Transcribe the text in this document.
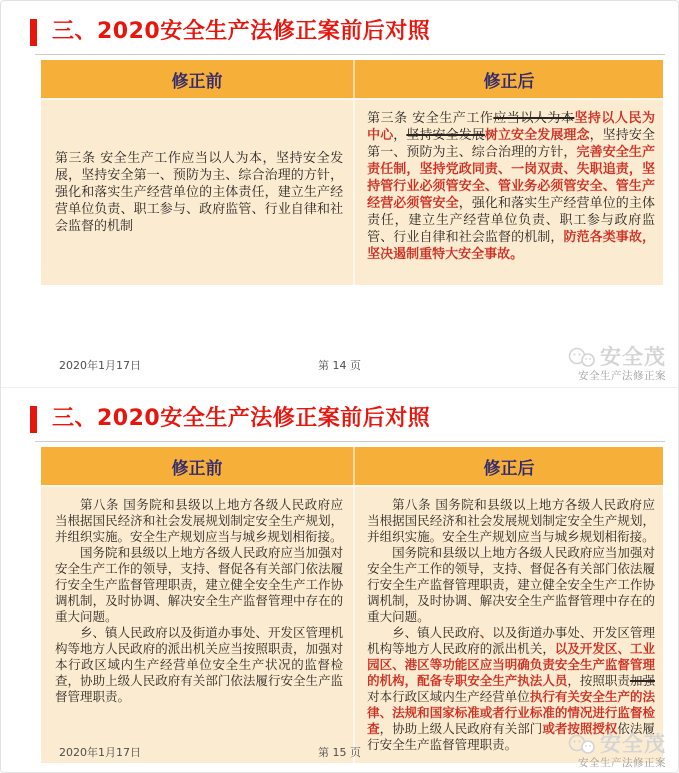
三、2020安全生产法修正案前后对照
修正前	修正后

第三条 安全生产工作应当以人为本，坚持安全发展，坚持安全第一、预防为主、综合治理的方针，强化和落实生产经营单位的主体责任，建立生产经营单位负责、职工参与、政府监管、行业自律和社会监督的机制

第三条 安全生产工作应当以人为本坚持以人民为中心，坚持安全发展树立安全发展理念，坚持安全第一、预防为主、综合治理的方针，完善安全生产责任制，坚持党政同责、一岗双责、失职追责，坚持管行业必须管安全、管业务必须管安全、管生产经营必须管安全，强化和落实生产经营单位的主体责任，建立生产经营单位负责、职工参与政府监管、行业自律和社会监督的机制，防范各类事故，坚决遏制重特大安全事故。

2020年1月17日	第 14 页	安全茂
安全生产法修正案
三、2020安全生产法修正案前后对照
修正前	修正后

第八条 国务院和县级以上地方各级人民政府应当根据国民经济和社会发展规划制定安全生产规划，并组织实施。安全生产规划应当与城乡规划相衔接。

国务院和县级以上地方各级人民政府应当加强对安全生产工作的领导，支持、督促各有关部门依法履行安全生产监督管理职责，建立健全安全生产工作协调机制，及时协调、解决安全生产监督管理中存在的重大问题。

乡、镇人民政府以及街道办事处、开发区管理机构等地方人民政府的派出机关应当按照职责，加强对本行政区域内生产经营单位安全生产状况的监督检查，协助上级人民政府有关部门依法履行安全生产监督管理职责。

第八条 国务院和县级以上地方各级人民政府应当根据国民经济和社会发展规划制定安全生产规划，并组织实施。安全生产规划应当与城乡规划相衔接。

国务院和县级以上地方各级人民政府应当加强对安全生产工作的领导，支持、督促各有关部门依法履行安全生产监督管理职责，建立健全安全生产工作协调机制，及时协调、解决安全生产监督管理中存在的重大问题。

乡、镇人民政府、以及街道办事处、开发区管理机构等地方人民政府的派出机关，以及开发区、工业园区、港区等功能区应当明确负责安全生产监督管理的机构，配备专职安全生产执法人员，按照职责加强对本行政区域内生产经营单位执行有关安全生产的法律、法规和国家标准或者行业标准的情况进行监督检查，协助上级人民政府有关部门或者按照授权依法履行安全生产监督管理职责。

2020年1月17日	第 15 页	安全茂
安全生产法修正案
